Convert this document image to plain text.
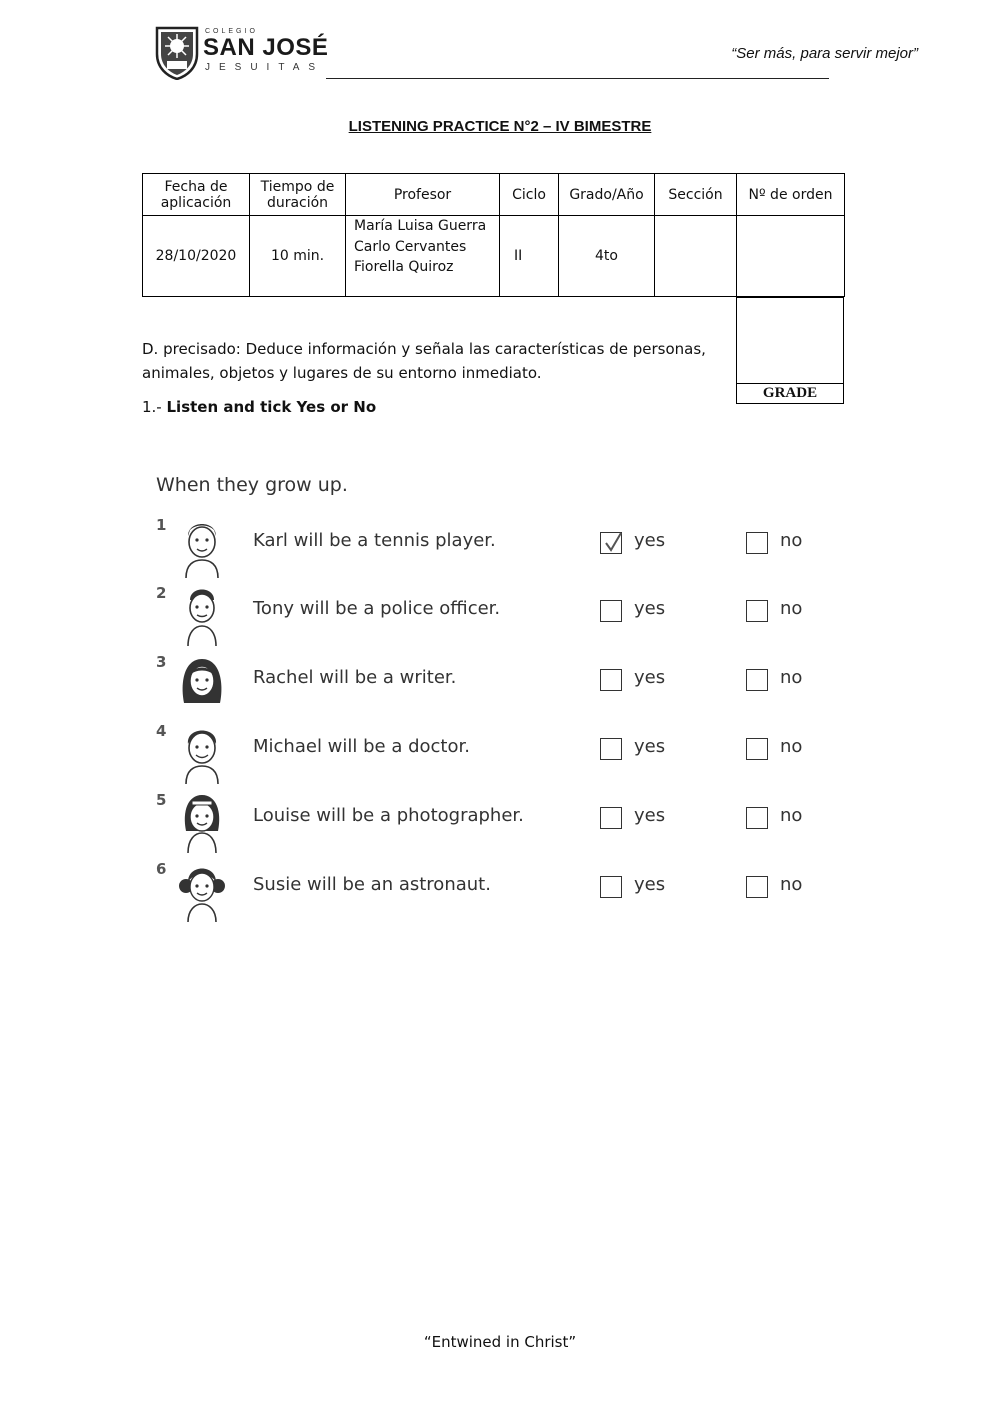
COLEGIO
SAN JOSÉ
JESUITAS
“Ser más, para servir mejor”
LISTENING PRACTICE N°2 – IV BIMESTRE
Fecha de aplicación	Tiempo de duración	Profesor	Ciclo	Grado/Año	Sección	Nº de orden
28/10/2020	10 min.	María Luisa Guerra
Carlo Cervantes
Fiorella Quiroz	II	4to		
GRADE
D. precisado: Deduce información y señala las características de personas, animales, objetos y lugares de su entorno inmediato.
1.- Listen and tick Yes or No
When they grow up.
1
Karl will be a tennis player.	yes	no
2
Tony will be a police officer.	yes	no
3
Rachel will be a writer.	yes	no
4
Michael will be a doctor.	yes	no
5
Louise will be a photographer.	yes	no
6
Susie will be an astronaut.	yes	no
“Entwined in Christ”
